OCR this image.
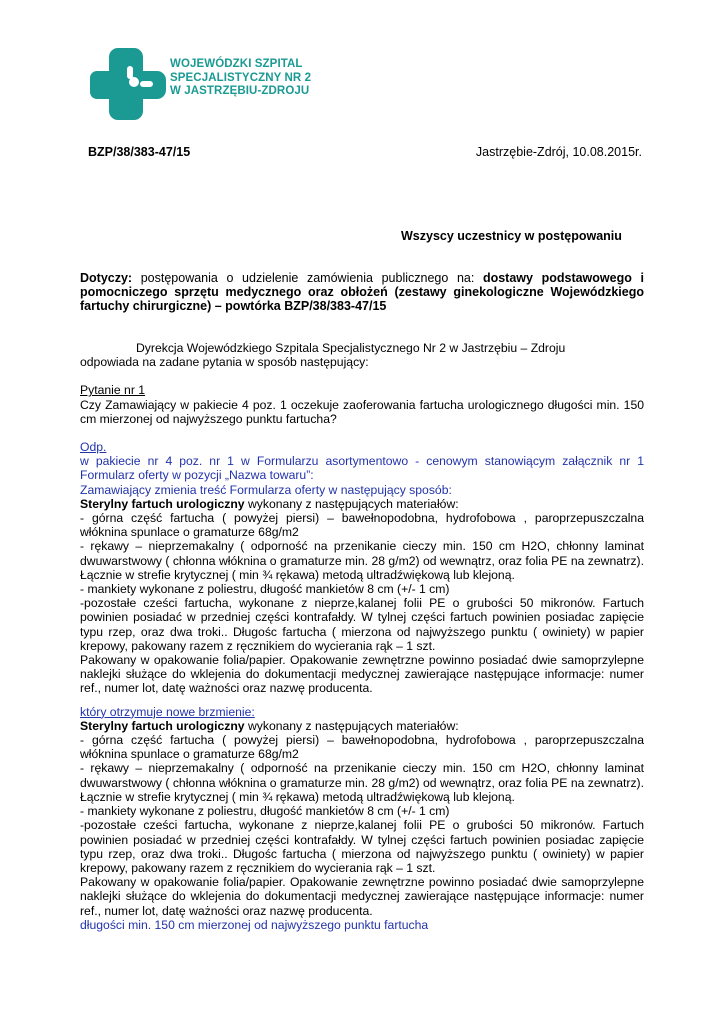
WOJEWÓDZKI SZPITAL
SPECJALISTYCZNY NR 2
W JASTRZĘBIU-ZDROJU
BZP/38/383-47/15	Jastrzębie-Zdrój, 10.08.2015r.
Wszyscy uczestnicy w postępowaniu
Dotyczy: postępowania o udzielenie zamówienia publicznego na: dostawy podstawowego i pomocniczego sprzętu medycznego oraz obłożeń (zestawy ginekologiczne Wojewódzkiego fartuchy chirurgiczne) – powtórka BZP/38/383-47/15

Dyrekcja Wojewódzkiego Szpitala Specjalistycznego Nr 2 w Jastrzębiu – Zdroju

odpowiada na zadane pytania w sposób następujący:

Pytanie nr 1

Czy Zamawiający w pakiecie 4 poz. 1 oczekuje zaoferowania fartucha urologicznego długości min. 150 cm mierzonej od najwyższego punktu fartucha?

Odp.

w pakiecie nr 4 poz. nr 1 w Formularzu asortymentowo - cenowym stanowiącym załącznik nr 1 Formularz oferty w pozycji „Nazwa towaru”:

Zamawiający zmienia treść Formularza oferty w następujący sposób:

Sterylny fartuch urologiczny wykonany z następujących materiałów:

- górna część fartucha ( powyżej piersi) – bawełnopodobna, hydrofobowa , paroprzepuszczalna włóknina spunlace o gramaturze 68g/m2

- rękawy – nieprzemakalny ( odporność na przenikanie cieczy min. 150 cm H2O, chłonny laminat dwuwarstwowy ( chłonna włóknina o gramaturze min. 28 g/m2) od wewnątrz, oraz folia PE na zewnatrz). Łącznie w strefie krytycznej ( min ¾ rękawa) metodą ultradźwiękową lub klejoną.

- mankiety wykonane z poliestru, długość mankietów 8 cm (+/- 1 cm)

-pozostałe cześci fartucha, wykonane z nieprze,kalanej folii PE o grubości 50 mikronów. Fartuch powinien posiadać w przedniej części kontrafałdy. W tylnej części fartuch powinien posiadac zapięcie typu rzep, oraz dwa troki.. Długośc fartucha ( mierzona od najwyższego punktu ( owiniety) w papier krepowy, pakowany razem z ręcznikiem do wycierania rąk – 1 szt.

Pakowany w opakowanie folia/papier. Opakowanie zewnętrzne powinno posiadać dwie samoprzylepne naklejki służące do wklejenia do dokumentacji medycznej zawierające następujące informacje: numer ref., numer lot, datę ważności oraz nazwę producenta.

który otrzymuje nowe brzmienie:

Sterylny fartuch urologiczny wykonany z następujących materiałów:

- górna część fartucha ( powyżej piersi) – bawełnopodobna, hydrofobowa , paroprzepuszczalna włóknina spunlace o gramaturze 68g/m2

- rękawy – nieprzemakalny ( odporność na przenikanie cieczy min. 150 cm H2O, chłonny laminat dwuwarstwowy ( chłonna włóknina o gramaturze min. 28 g/m2) od wewnątrz, oraz folia PE na zewnatrz). Łącznie w strefie krytycznej ( min ¾ rękawa) metodą ultradźwiękową lub klejoną.

- mankiety wykonane z poliestru, długość mankietów 8 cm (+/- 1 cm)

-pozostałe cześci fartucha, wykonane z nieprze,kalanej folii PE o grubości 50 mikronów. Fartuch powinien posiadać w przedniej części kontrafałdy. W tylnej części fartuch powinien posiadac zapięcie typu rzep, oraz dwa troki.. Długośc fartucha ( mierzona od najwyższego punktu ( owiniety) w papier krepowy, pakowany razem z ręcznikiem do wycierania rąk – 1 szt.

Pakowany w opakowanie folia/papier. Opakowanie zewnętrzne powinno posiadać dwie samoprzylepne naklejki służące do wklejenia do dokumentacji medycznej zawierające następujące informacje: numer ref., numer lot, datę ważności oraz nazwę producenta.

długości min. 150 cm mierzonej od najwyższego punktu fartucha
